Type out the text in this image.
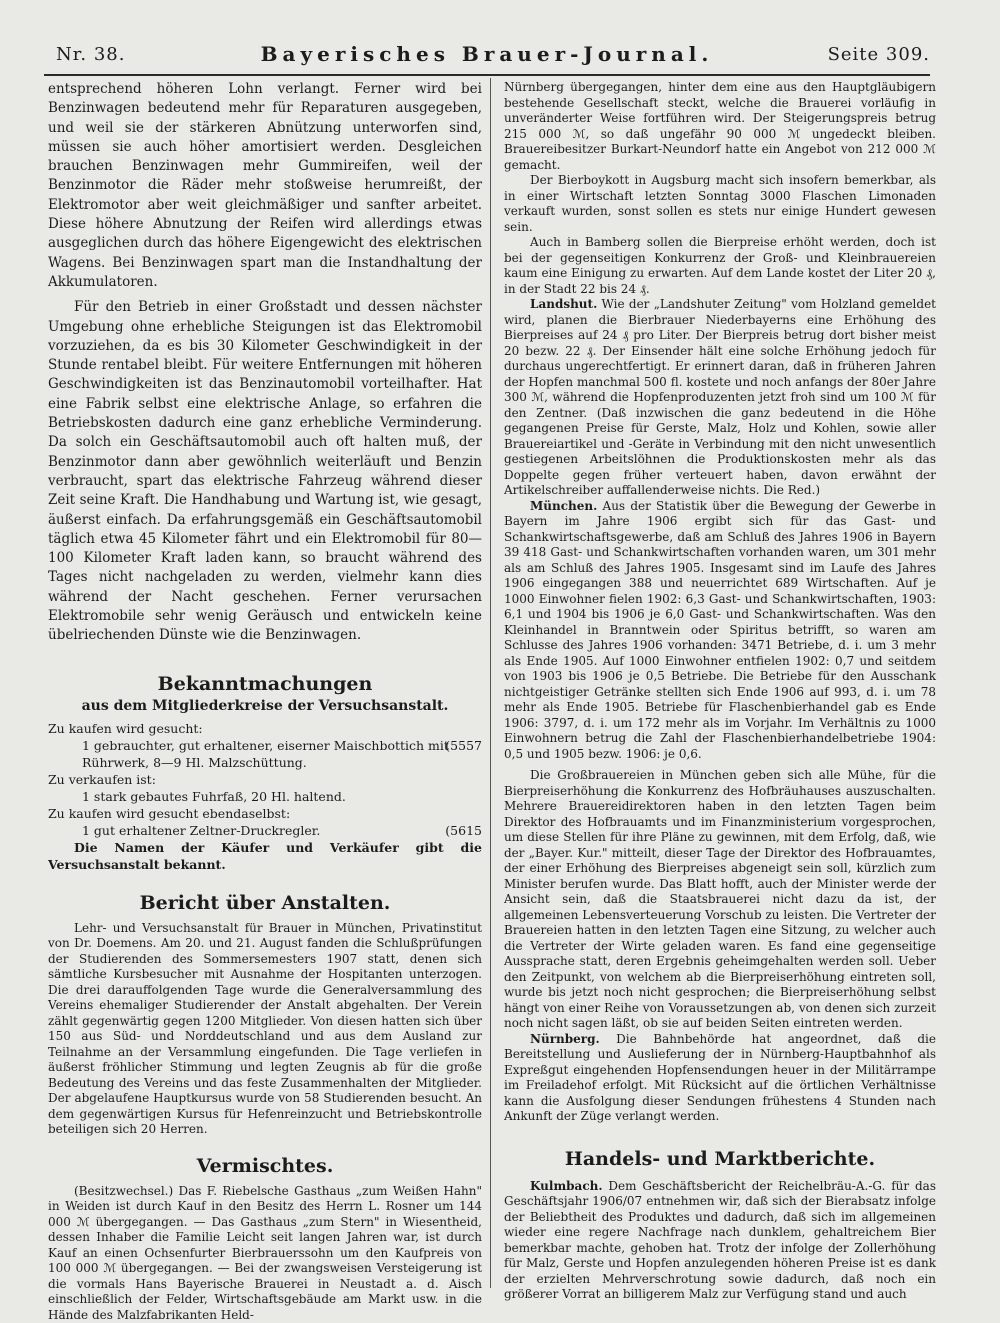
Nr. 38.	Bayerisches Brauer-Journal.	Seite 309.

entsprechend höheren Lohn verlangt. Ferner wird bei Benzinwagen bedeutend mehr für Reparaturen ausgegeben, und weil sie der stärkeren Abnützung unterworfen sind, müssen sie auch höher amortisiert werden. Desgleichen brauchen Benzinwagen mehr Gummireifen, weil der Benzinmotor die Räder mehr stoßweise herumreißt, der Elektromotor aber weit gleichmäßiger und sanfter arbeitet. Diese höhere Abnutzung der Reifen wird allerdings etwas ausgeglichen durch das höhere Eigengewicht des elektrischen Wagens. Bei Benzinwagen spart man die Instandhaltung der Akkumulatoren.

Für den Betrieb in einer Großstadt und dessen nächster Umgebung ohne erhebliche Steigungen ist das Elektromobil vorzuziehen, da es bis 30 Kilometer Geschwindigkeit in der Stunde rentabel bleibt. Für weitere Entfernungen mit höheren Geschwindigkeiten ist das Benzinautomobil vorteilhafter. Hat eine Fabrik selbst eine elektrische Anlage, so erfahren die Betriebskosten dadurch eine ganz erhebliche Verminderung. Da solch ein Geschäftsautomobil auch oft halten muß, der Benzinmotor dann aber gewöhnlich weiterläuft und Benzin verbraucht, spart das elektrische Fahrzeug während dieser Zeit seine Kraft. Die Handhabung und Wartung ist, wie gesagt, äußerst einfach. Da erfahrungsgemäß ein Geschäftsautomobil täglich etwa 45 Kilometer fährt und ein Elektromobil für 80—100 Kilometer Kraft laden kann, so braucht während des Tages nicht nachgeladen zu werden, vielmehr kann dies während der Nacht geschehen. Ferner verursachen Elektromobile sehr wenig Geräusch und entwickeln keine übelriechenden Dünste wie die Benzinwagen.

Bekanntmachungen
aus dem Mitgliederkreise der Versuchsanstalt.
Zu kaufen wird gesucht:
1 gebrauchter, gut erhaltener, eiserner Maischbottich mit Rührwerk, 8—9 Hl. Malzschüttung.
(5557
Zu verkaufen ist:
1 stark gebautes Fuhrfaß, 20 Hl. haltend.
Zu kaufen wird gesucht ebendaselbst:
1 gut erhaltener Zeltner-Druckregler.	(5615

Die Namen der Käufer und Verkäufer gibt die Versuchsanstalt bekannt.

Bericht über Anstalten.

Lehr- und Versuchsanstalt für Brauer in München, Privatinstitut von Dr. Doemens. Am 20. und 21. August fanden die Schlußprüfungen der Studierenden des Sommersemesters 1907 statt, denen sich sämtliche Kursbesucher mit Ausnahme der Hospitanten unterzogen. Die drei darauffolgenden Tage wurde die Generalversammlung des Vereins ehemaliger Studierender der Anstalt abgehalten. Der Verein zählt gegenwärtig gegen 1200 Mitglieder. Von diesen hatten sich über 150 aus Süd- und Norddeutschland und aus dem Ausland zur Teilnahme an der Versammlung eingefunden. Die Tage verliefen in äußerst fröhlicher Stimmung und legten Zeugnis ab für die große Bedeutung des Vereins und das feste Zusammenhalten der Mitglieder. Der abgelaufene Hauptkursus wurde von 58 Studierenden besucht. An dem gegenwärtigen Kursus für Hefenreinzucht und Betriebskontrolle beteiligen sich 20 Herren.

Vermischtes.

(Besitzwechsel.) Das F. Riebelsche Gasthaus „zum Weißen Hahn" in Weiden ist durch Kauf in den Besitz des Herrn L. Rosner um 144 000 ℳ übergegangen. — Das Gasthaus „zum Stern" in Wiesentheid, dessen Inhaber die Familie Leicht seit langen Jahren war, ist durch Kauf an einen Ochsenfurter Bierbrauerssohn um den Kaufpreis von 100 000 ℳ übergegangen. — Bei der zwangsweisen Versteigerung ist die vormals Hans Bayerische Brauerei in Neustadt a. d. Aisch einschließlich der Felder, Wirtschaftsgebäude am Markt usw. in die Hände des Malzfabrikanten Held-

Nürnberg übergegangen, hinter dem eine aus den Hauptgläubigern bestehende Gesellschaft steckt, welche die Brauerei vorläufig in unveränderter Weise fortführen wird. Der Steigerungspreis betrug 215 000 ℳ, so daß ungefähr 90 000 ℳ ungedeckt bleiben. Brauereibesitzer Burkart-Neundorf hatte ein Angebot von 212 000 ℳ gemacht.

Der Bierboykott in Augsburg macht sich insofern bemerkbar, als in einer Wirtschaft letzten Sonntag 3000 Flaschen Limonaden verkauft wurden, sonst sollen es stets nur einige Hundert gewesen sein.

Auch in Bamberg sollen die Bierpreise erhöht werden, doch ist bei der gegenseitigen Konkurrenz der Groß- und Kleinbrauereien kaum eine Einigung zu erwarten. Auf dem Lande kostet der Liter 20 ₰, in der Stadt 22 bis 24 ₰.

Landshut. Wie der „Landshuter Zeitung" vom Holzland gemeldet wird, planen die Bierbrauer Niederbayerns eine Erhöhung des Bierpreises auf 24 ₰ pro Liter. Der Bierpreis betrug dort bisher meist 20 bezw. 22 ₰. Der Einsender hält eine solche Erhöhung jedoch für durchaus ungerechtfertigt. Er erinnert daran, daß in früheren Jahren der Hopfen manchmal 500 fl. kostete und noch anfangs der 80er Jahre 300 ℳ, während die Hopfenproduzenten jetzt froh sind um 100 ℳ für den Zentner. (Daß inzwischen die ganz bedeutend in die Höhe gegangenen Preise für Gerste, Malz, Holz und Kohlen, sowie aller Brauereiartikel und -Geräte in Verbindung mit den nicht unwesentlich gestiegenen Arbeitslöhnen die Produktionskosten mehr als das Doppelte gegen früher verteuert haben, davon erwähnt der Artikelschreiber auffallenderweise nichts. Die Red.)

München. Aus der Statistik über die Bewegung der Gewerbe in Bayern im Jahre 1906 ergibt sich für das Gast- und Schankwirtschaftsgewerbe, daß am Schluß des Jahres 1906 in Bayern 39 418 Gast- und Schankwirtschaften vorhanden waren, um 301 mehr als am Schluß des Jahres 1905. Insgesamt sind im Laufe des Jahres 1906 eingegangen 388 und neuerrichtet 689 Wirtschaften. Auf je 1000 Einwohner fielen 1902: 6,3 Gast- und Schankwirtschaften, 1903: 6,1 und 1904 bis 1906 je 6,0 Gast- und Schankwirtschaften. Was den Kleinhandel in Branntwein oder Spiritus betrifft, so waren am Schlusse des Jahres 1906 vorhanden: 3471 Betriebe, d. i. um 3 mehr als Ende 1905. Auf 1000 Einwohner entfielen 1902: 0,7 und seitdem von 1903 bis 1906 je 0,5 Betriebe. Die Betriebe für den Ausschank nichtgeistiger Getränke stellten sich Ende 1906 auf 993, d. i. um 78 mehr als Ende 1905. Betriebe für Flaschenbierhandel gab es Ende 1906: 3797, d. i. um 172 mehr als im Vorjahr. Im Verhältnis zu 1000 Einwohnern betrug die Zahl der Flaschenbierhandelbetriebe 1904: 0,5 und 1905 bezw. 1906: je 0,6.

Die Großbrauereien in München geben sich alle Mühe, für die Bierpreiserhöhung die Konkurrenz des Hofbräuhauses auszuschalten. Mehrere Brauereidirektoren haben in den letzten Tagen beim Direktor des Hofbrauamts und im Finanzministerium vorgesprochen, um diese Stellen für ihre Pläne zu gewinnen, mit dem Erfolg, daß, wie der „Bayer. Kur." mitteilt, dieser Tage der Direktor des Hofbrauamtes, der einer Erhöhung des Bierpreises abgeneigt sein soll, kürzlich zum Minister berufen wurde. Das Blatt hofft, auch der Minister werde der Ansicht sein, daß die Staatsbrauerei nicht dazu da ist, der allgemeinen Lebensverteuerung Vorschub zu leisten. Die Vertreter der Brauereien hatten in den letzten Tagen eine Sitzung, zu welcher auch die Vertreter der Wirte geladen waren. Es fand eine gegenseitige Aussprache statt, deren Ergebnis geheimgehalten werden soll. Ueber den Zeitpunkt, von welchem ab die Bierpreiserhöhung eintreten soll, wurde bis jetzt noch nicht gesprochen; die Bierpreiserhöhung selbst hängt von einer Reihe von Voraussetzungen ab, von denen sich zurzeit noch nicht sagen läßt, ob sie auf beiden Seiten eintreten werden.

Nürnberg. Die Bahnbehörde hat angeordnet, daß die Bereitstellung und Auslieferung der in Nürnberg-Hauptbahnhof als Expreßgut eingehenden Hopfensendungen heuer in der Militärrampe im Freiladehof erfolgt. Mit Rücksicht auf die örtlichen Verhältnisse kann die Ausfolgung dieser Sendungen frühestens 4 Stunden nach Ankunft der Züge verlangt werden.

Handels- und Marktberichte.

Kulmbach. Dem Geschäftsbericht der Reichelbräu-A.-G. für das Geschäftsjahr 1906/07 entnehmen wir, daß sich der Bierabsatz infolge der Beliebtheit des Produktes und dadurch, daß sich im allgemeinen wieder eine regere Nachfrage nach dunklem, gehaltreichem Bier bemerkbar machte, gehoben hat. Trotz der infolge der Zollerhöhung für Malz, Gerste und Hopfen anzulegenden höheren Preise ist es dank der erzielten Mehrverschrotung sowie dadurch, daß noch ein größerer Vorrat an billigerem Malz zur Verfügung stand und auch
